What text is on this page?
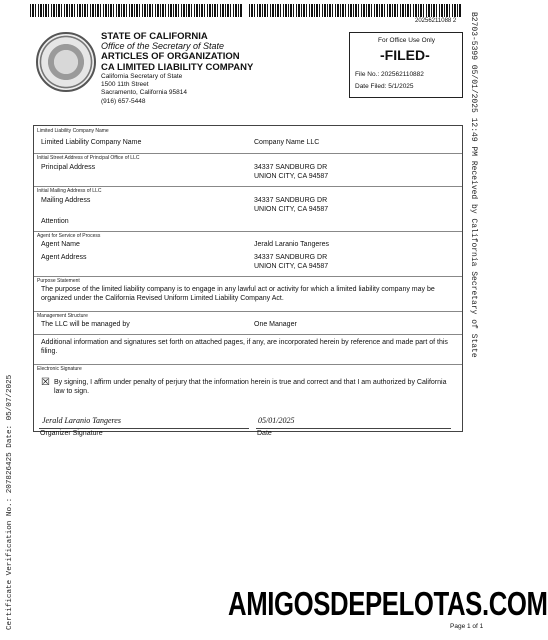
20256211088 2
STATE OF CALIFORNIA
Office of the Secretary of State
ARTICLES OF ORGANIZATION
CA LIMITED LIABILITY COMPANY
California Secretary of State
1500 11th Street
Sacramento, California 95814
(916) 657-5448
For Office Use Only
-FILED-
File No.: 202562110882
Date Filed: 5/1/2025
Limited Liability Company Name
Limited Liability Company Name	Company Name LLC
Initial Street Address of Principal Office of LLC
Principal Address	34337 SANDBURG DR
UNION CITY, CA 94587
Initial Mailing Address of LLC
Mailing Address	34337 SANDBURG DR
UNION CITY, CA 94587
Attention
Agent for Service of Process
Agent Name	Jerald Laranio Tangeres
Agent Address	34337 SANDBURG DR
UNION CITY, CA 94587
Purpose Statement
The purpose of the limited liability company is to engage in any lawful act or activity for which a limited liability company may be organized under the California Revised Uniform Limited Liability Company Act.
Management Structure
The LLC will be managed by	One Manager
Additional information and signatures set forth on attached pages, if any, are incorporated herein by reference and made part of this filing.
Electronic Signature
☒ By signing, I affirm under penalty of perjury that the information herein is true and correct and that I am authorized by California law to sign.
Jerald Laranio Tangeres	05/01/2025
Organizer Signature	Date
B2703-5399 05/01/2025 12:49 PM Received by California Secretary of State
Certificate Verification No.: 207826425 Date: 05/07/2025	AMIGOSDEPELOTAS.COM
Page 1 of 1
